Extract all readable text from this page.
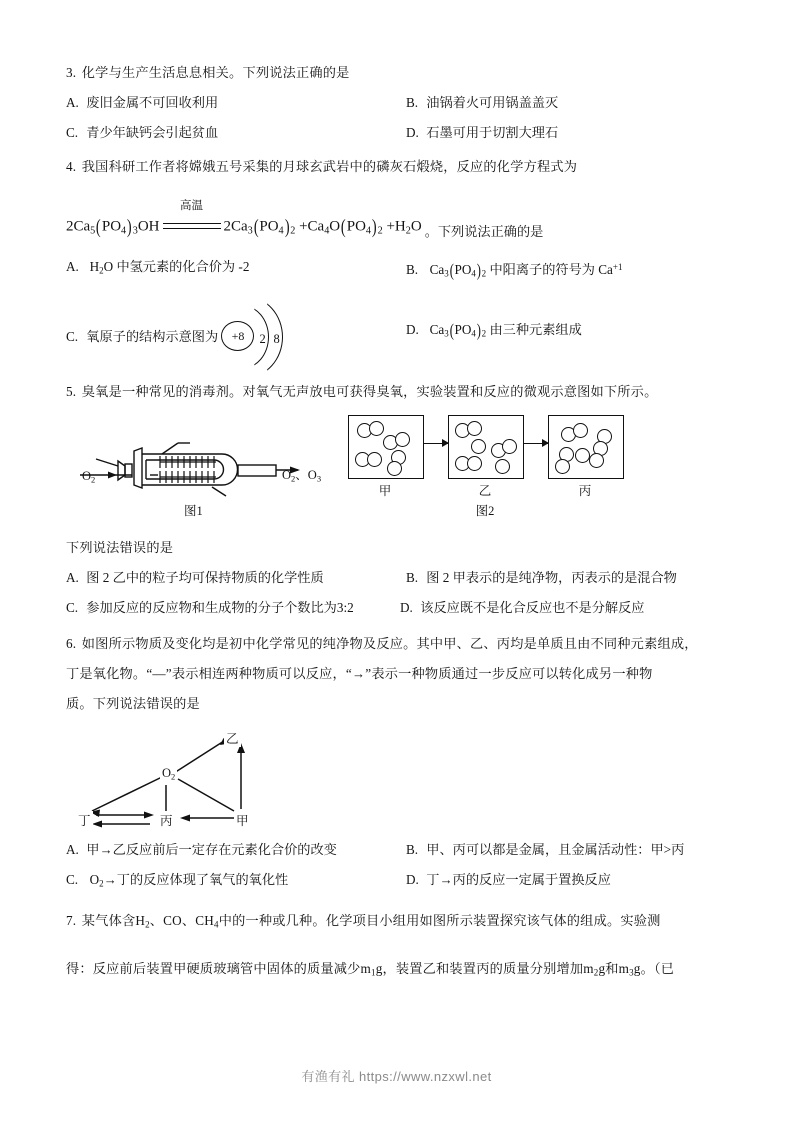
3. 化学与生产生活息息相关。下列说法正确的是
A. 废旧金属不可回收利用	B. 油锅着火可用锅盖盖灭
C. 青少年缺钙会引起贫血	D. 石墨可用于切割大理石
4. 我国科研工作者将嫦娥五号采集的月球玄武岩中的磷灰石煅烧，反应的化学方程式为
$2Ca_5(PO_4)_3OH$
高温
$2Ca_3(PO_4)_2 +Ca_4O(PO_4)_2 +H_2O$ 。下列说法正确的是
A.  $H_2O$ 中氢元素的化合价为 -2	B.  $Ca_3(PO_4)_2$ 中阳离子的符号为 $Ca^{+1}$
C. 氧原子的结构示意图为	+8	2 8
D.  $Ca_3(PO_4)_2$ 由三种元素组成
5. 臭氧是一种常见的消毒剂。对氧气无声放电可获得臭氧，实验装置和反应的微观示意图如下所示。
$O_2$	$O_2$、$O_3$
图1
甲	乙	丙
图2
下列说法错误的是
A. 图 2 乙中的粒子均可保持物质的化学性质	B. 图 2 甲表示的是纯净物，丙表示的是混合物
C. 参加反应的反应物和生成物的分子个数比为3:2	D. 该反应既不是化合反应也不是分解反应
6. 如图所示物质及变化均是初中化学常见的纯净物及反应。其中甲、乙、丙均是单质且由不同种元素组成，
丁是氧化物。“—”表示相连两种物质可以反应，“→”表示一种物质通过一步反应可以转化成另一种物
质。下列说法错误的是
乙
$O_2$
丁	丙	甲
A. 甲→乙反应前后一定存在元素化合价的改变	B. 甲、丙可以都是金属，且金属活动性：甲>丙
C.  $O_2\to$丁的反应体现了氧气的氧化性	D. 丁→丙的反应一定属于置换反应
7. 某气体含$H_2$、CO、$CH_4$中的一种或几种。化学项目小组用如图所示装置探究该气体的组成。实验测
得：反应前后装置甲硬质玻璃管中固体的质量减少$m_1g$，装置乙和装置丙的质量分别增加$m_2g$和$m_3g$。（已
有渔有礼 https://www.nzxwl.net
